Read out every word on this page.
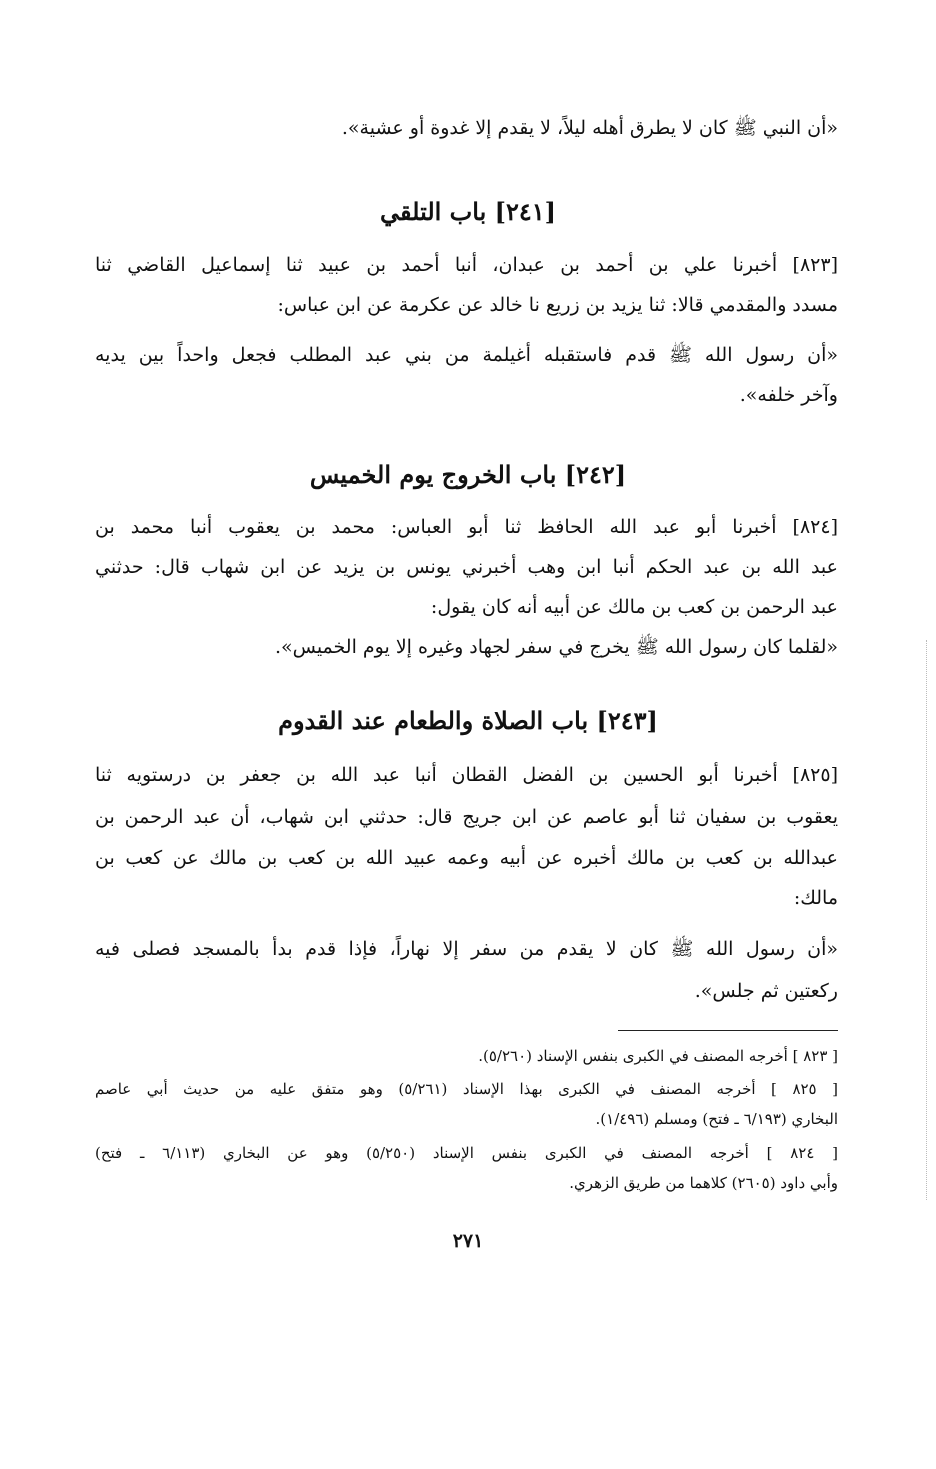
«أن النبي ﷺ كان لا يطرق أهله ليلاً، لا يقدم إلا غدوة أو عشية».
[٢٤١] باب التلقي
[٨٢٣] أخبرنا علي بن أحمد بن عبدان، أنبا أحمد بن عبيد ثنا إسماعيل القاضي ثنا
مسدد والمقدمي قالا: ثنا يزيد بن زريع نا خالد عن عكرمة عن ابن عباس:
«أن رسول الله ﷺ قدم فاستقبله أغيلمة من بني عبد المطلب فجعل واحداً بين يديه
وآخر خلفه».
[٢٤٢] باب الخروج يوم الخميس
[٨٢٤] أخبرنا أبو عبد الله الحافظ ثنا أبو العباس: محمد بن يعقوب أنبا محمد بن
عبد الله بن عبد الحكم أنبا ابن وهب أخبرني يونس بن يزيد عن ابن شهاب قال: حدثني
عبد الرحمن بن كعب بن مالك عن أبيه أنه كان يقول:
«لقلما كان رسول الله ﷺ يخرج في سفر لجهاد وغيره إلا يوم الخميس».
[٢٤٣] باب الصلاة والطعام عند القدوم
[٨٢٥] أخبرنا أبو الحسين بن الفضل القطان أنبا عبد الله بن جعفر بن درستويه ثنا
يعقوب بن سفيان ثنا أبو عاصم عن ابن جريج قال: حدثني ابن شهاب، أن عبد الرحمن بن
عبدالله بن كعب بن مالك أخبره عن أبيه وعمه عبيد الله بن كعب بن مالك عن كعب بن
مالك:
«أن رسول الله ﷺ كان لا يقدم من سفر إلا نهاراً، فإذا قدم بدأ بالمسجد فصلى فيه
ركعتين ثم جلس».
[ ٨٢٣ ] أخرجه المصنف في الكبرى بنفس الإسناد (٥/٢٦٠).
[ ٨٢٥ ] أخرجه المصنف في الكبرى بهذا الإسناد (٥/٢٦١) وهو متفق عليه من حديث أبي عاصم
البخاري (٦/١٩٣ ـ فتح) ومسلم (١/٤٩٦).
[ ٨٢٤ ] أخرجه المصنف في الكبرى بنفس الإسناد (٥/٢٥٠) وهو عن البخاري (٦/١١٣ ـ فتح)
وأبي داود (٢٦٠٥) كلاهما من طريق الزهري.
٢٧١
